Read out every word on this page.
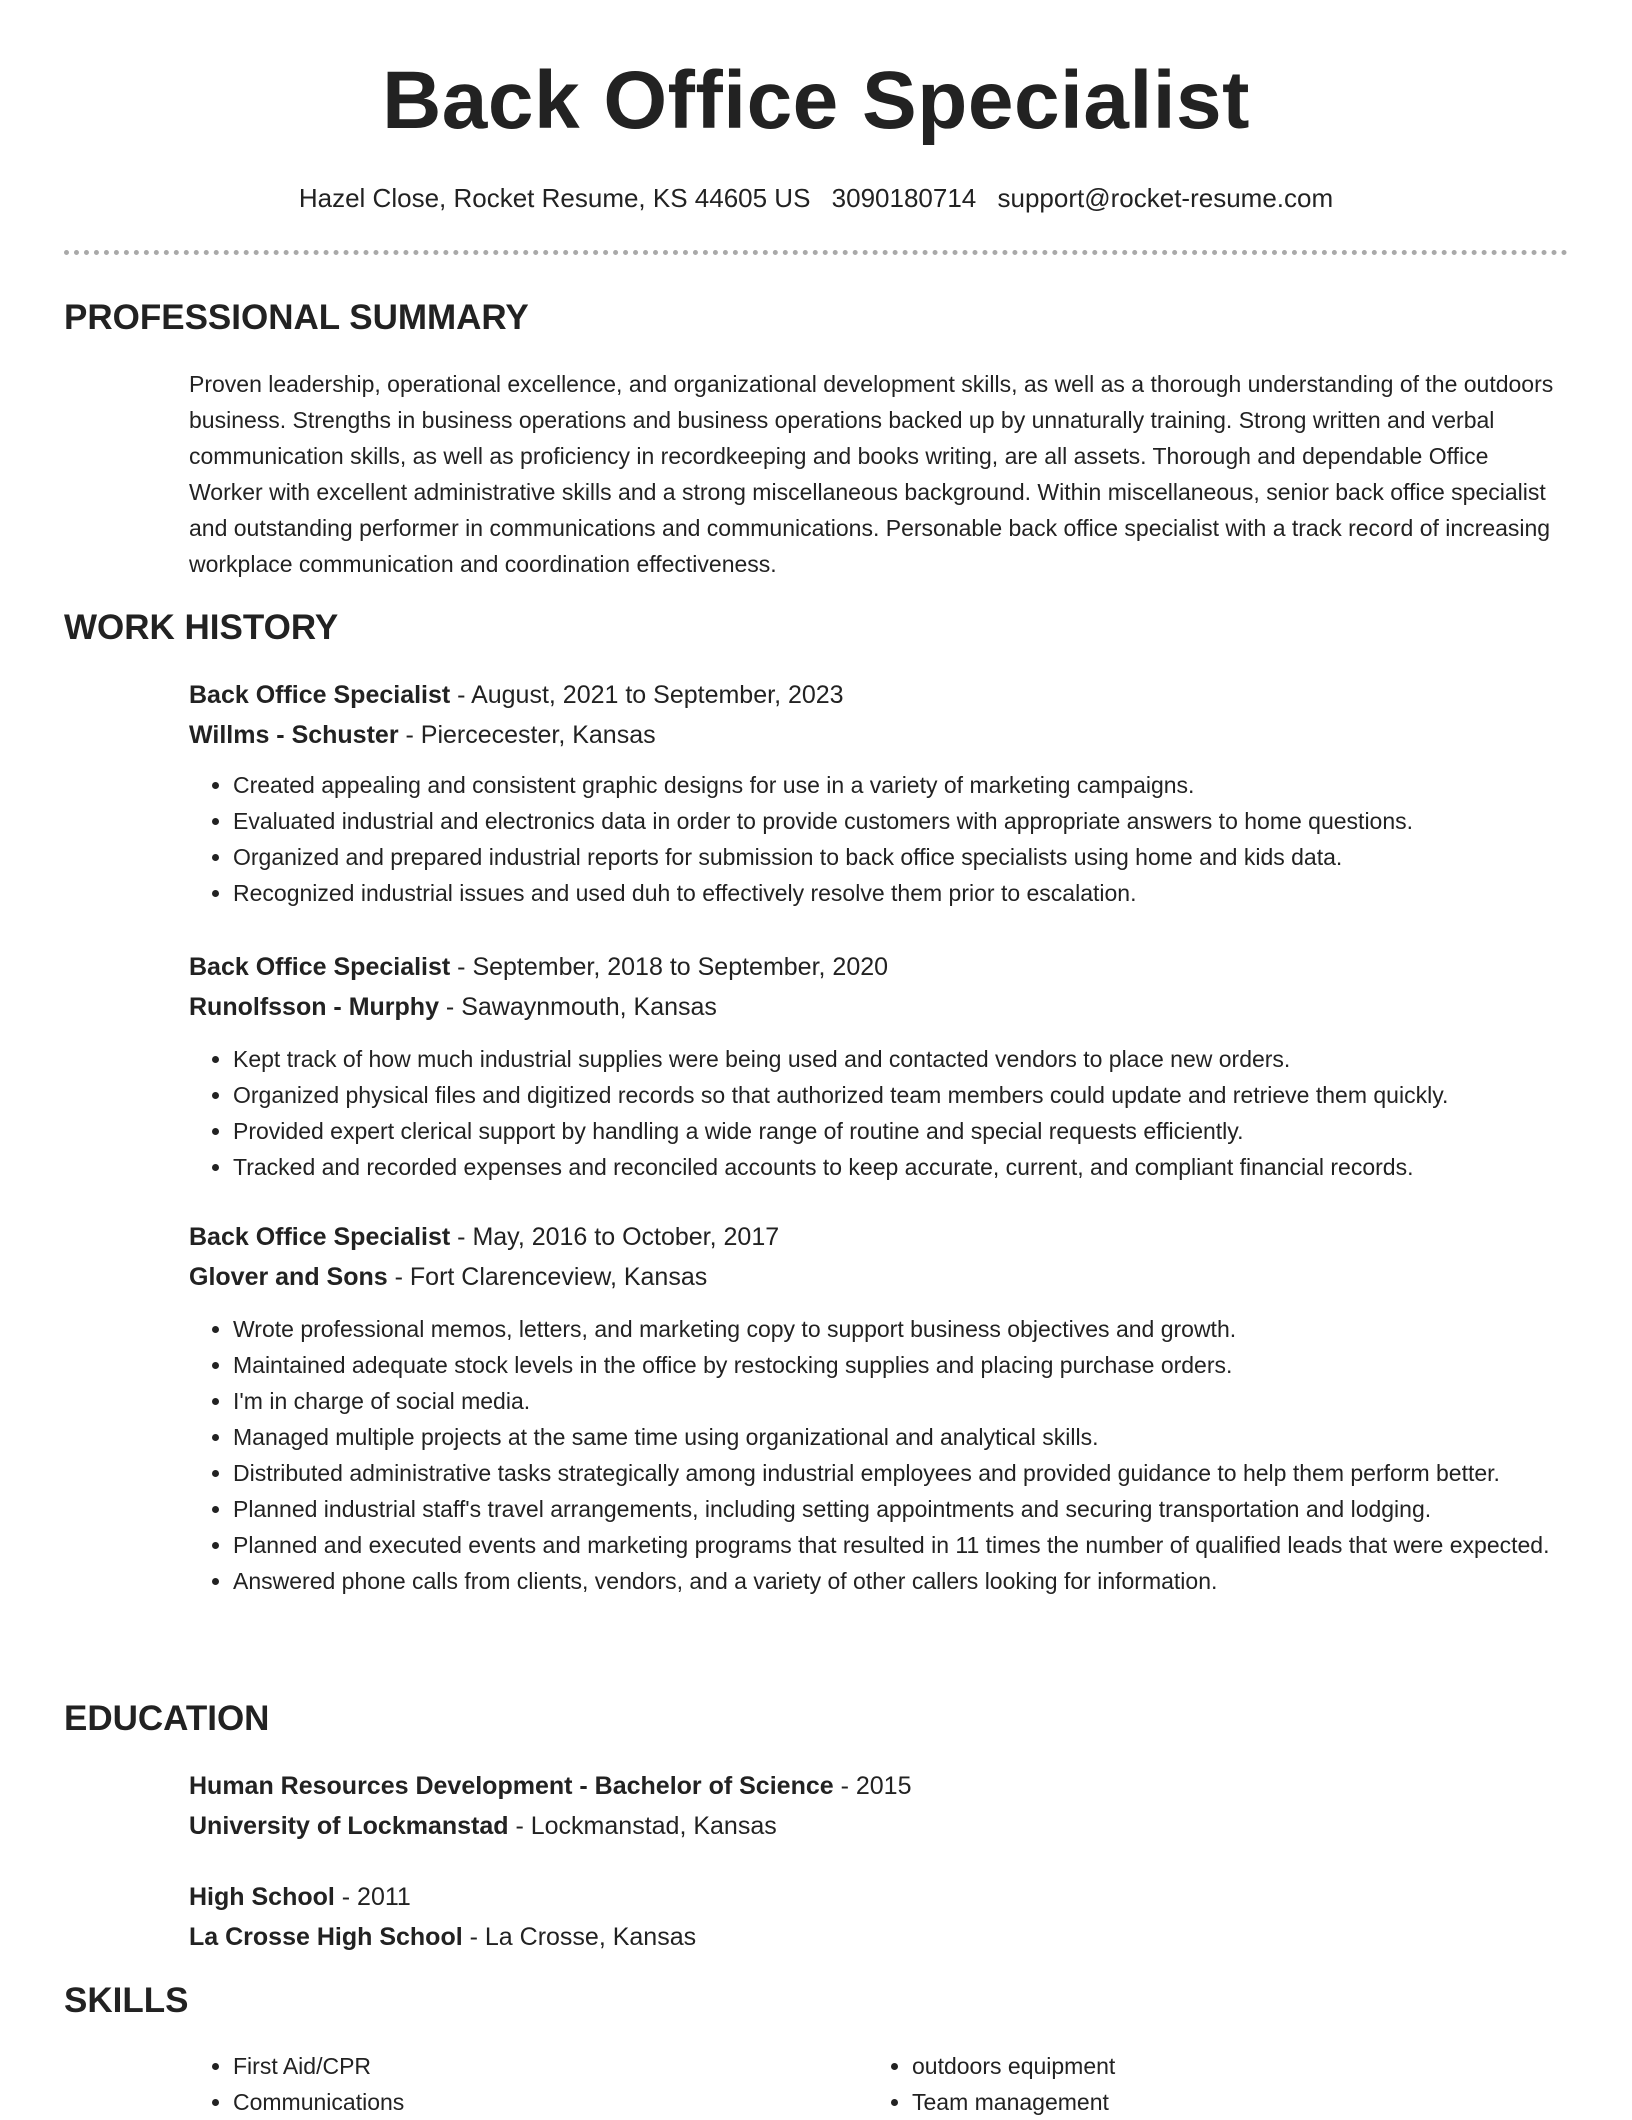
Back Office Specialist
Hazel Close, Rocket Resume, KS 44605 US 3090180714 support@rocket-resume.com
PROFESSIONAL SUMMARY

Proven leadership, operational excellence, and organizational development skills, as well as a thorough understanding of the outdoors business. Strengths in business operations and business operations backed up by unnaturally training. Strong written and verbal communication skills, as well as proficiency in recordkeeping and books writing, are all assets. Thorough and dependable Office Worker with excellent administrative skills and a strong miscellaneous background. Within miscellaneous, senior back office specialist and outstanding performer in communications and communications. Personable back office specialist with a track record of increasing workplace communication and coordination effectiveness.

WORK HISTORY

Back Office Specialist - August, 2021 to September, 2023

Willms - Schuster - Piercecester, Kansas

• Created appealing and consistent graphic designs for use in a variety of marketing campaigns.
• Evaluated industrial and electronics data in order to provide customers with appropriate answers to home questions.
• Organized and prepared industrial reports for submission to back office specialists using home and kids data.
• Recognized industrial issues and used duh to effectively resolve them prior to escalation.

Back Office Specialist - September, 2018 to September, 2020

Runolfsson - Murphy - Sawaynmouth, Kansas

• Kept track of how much industrial supplies were being used and contacted vendors to place new orders.
• Organized physical files and digitized records so that authorized team members could update and retrieve them quickly.
• Provided expert clerical support by handling a wide range of routine and special requests efficiently.
• Tracked and recorded expenses and reconciled accounts to keep accurate, current, and compliant financial records.

Back Office Specialist - May, 2016 to October, 2017

Glover and Sons - Fort Clarenceview, Kansas

• Wrote professional memos, letters, and marketing copy to support business objectives and growth.
• Maintained adequate stock levels in the office by restocking supplies and placing purchase orders.
• I'm in charge of social media.
• Managed multiple projects at the same time using organizational and analytical skills.
• Distributed administrative tasks strategically among industrial employees and provided guidance to help them perform better.
• Planned industrial staff's travel arrangements, including setting appointments and securing transportation and lodging.
• Planned and executed events and marketing programs that resulted in 11 times the number of qualified leads that were expected.
• Answered phone calls from clients, vendors, and a variety of other callers looking for information.
EDUCATION

Human Resources Development - Bachelor of Science - 2015

University of Lockmanstad - Lockmanstad, Kansas

High School - 2011

La Crosse High School - La Crosse, Kansas

SKILLS
• First Aid/CPR
• Communications
• outdoors equipment
• Team management
